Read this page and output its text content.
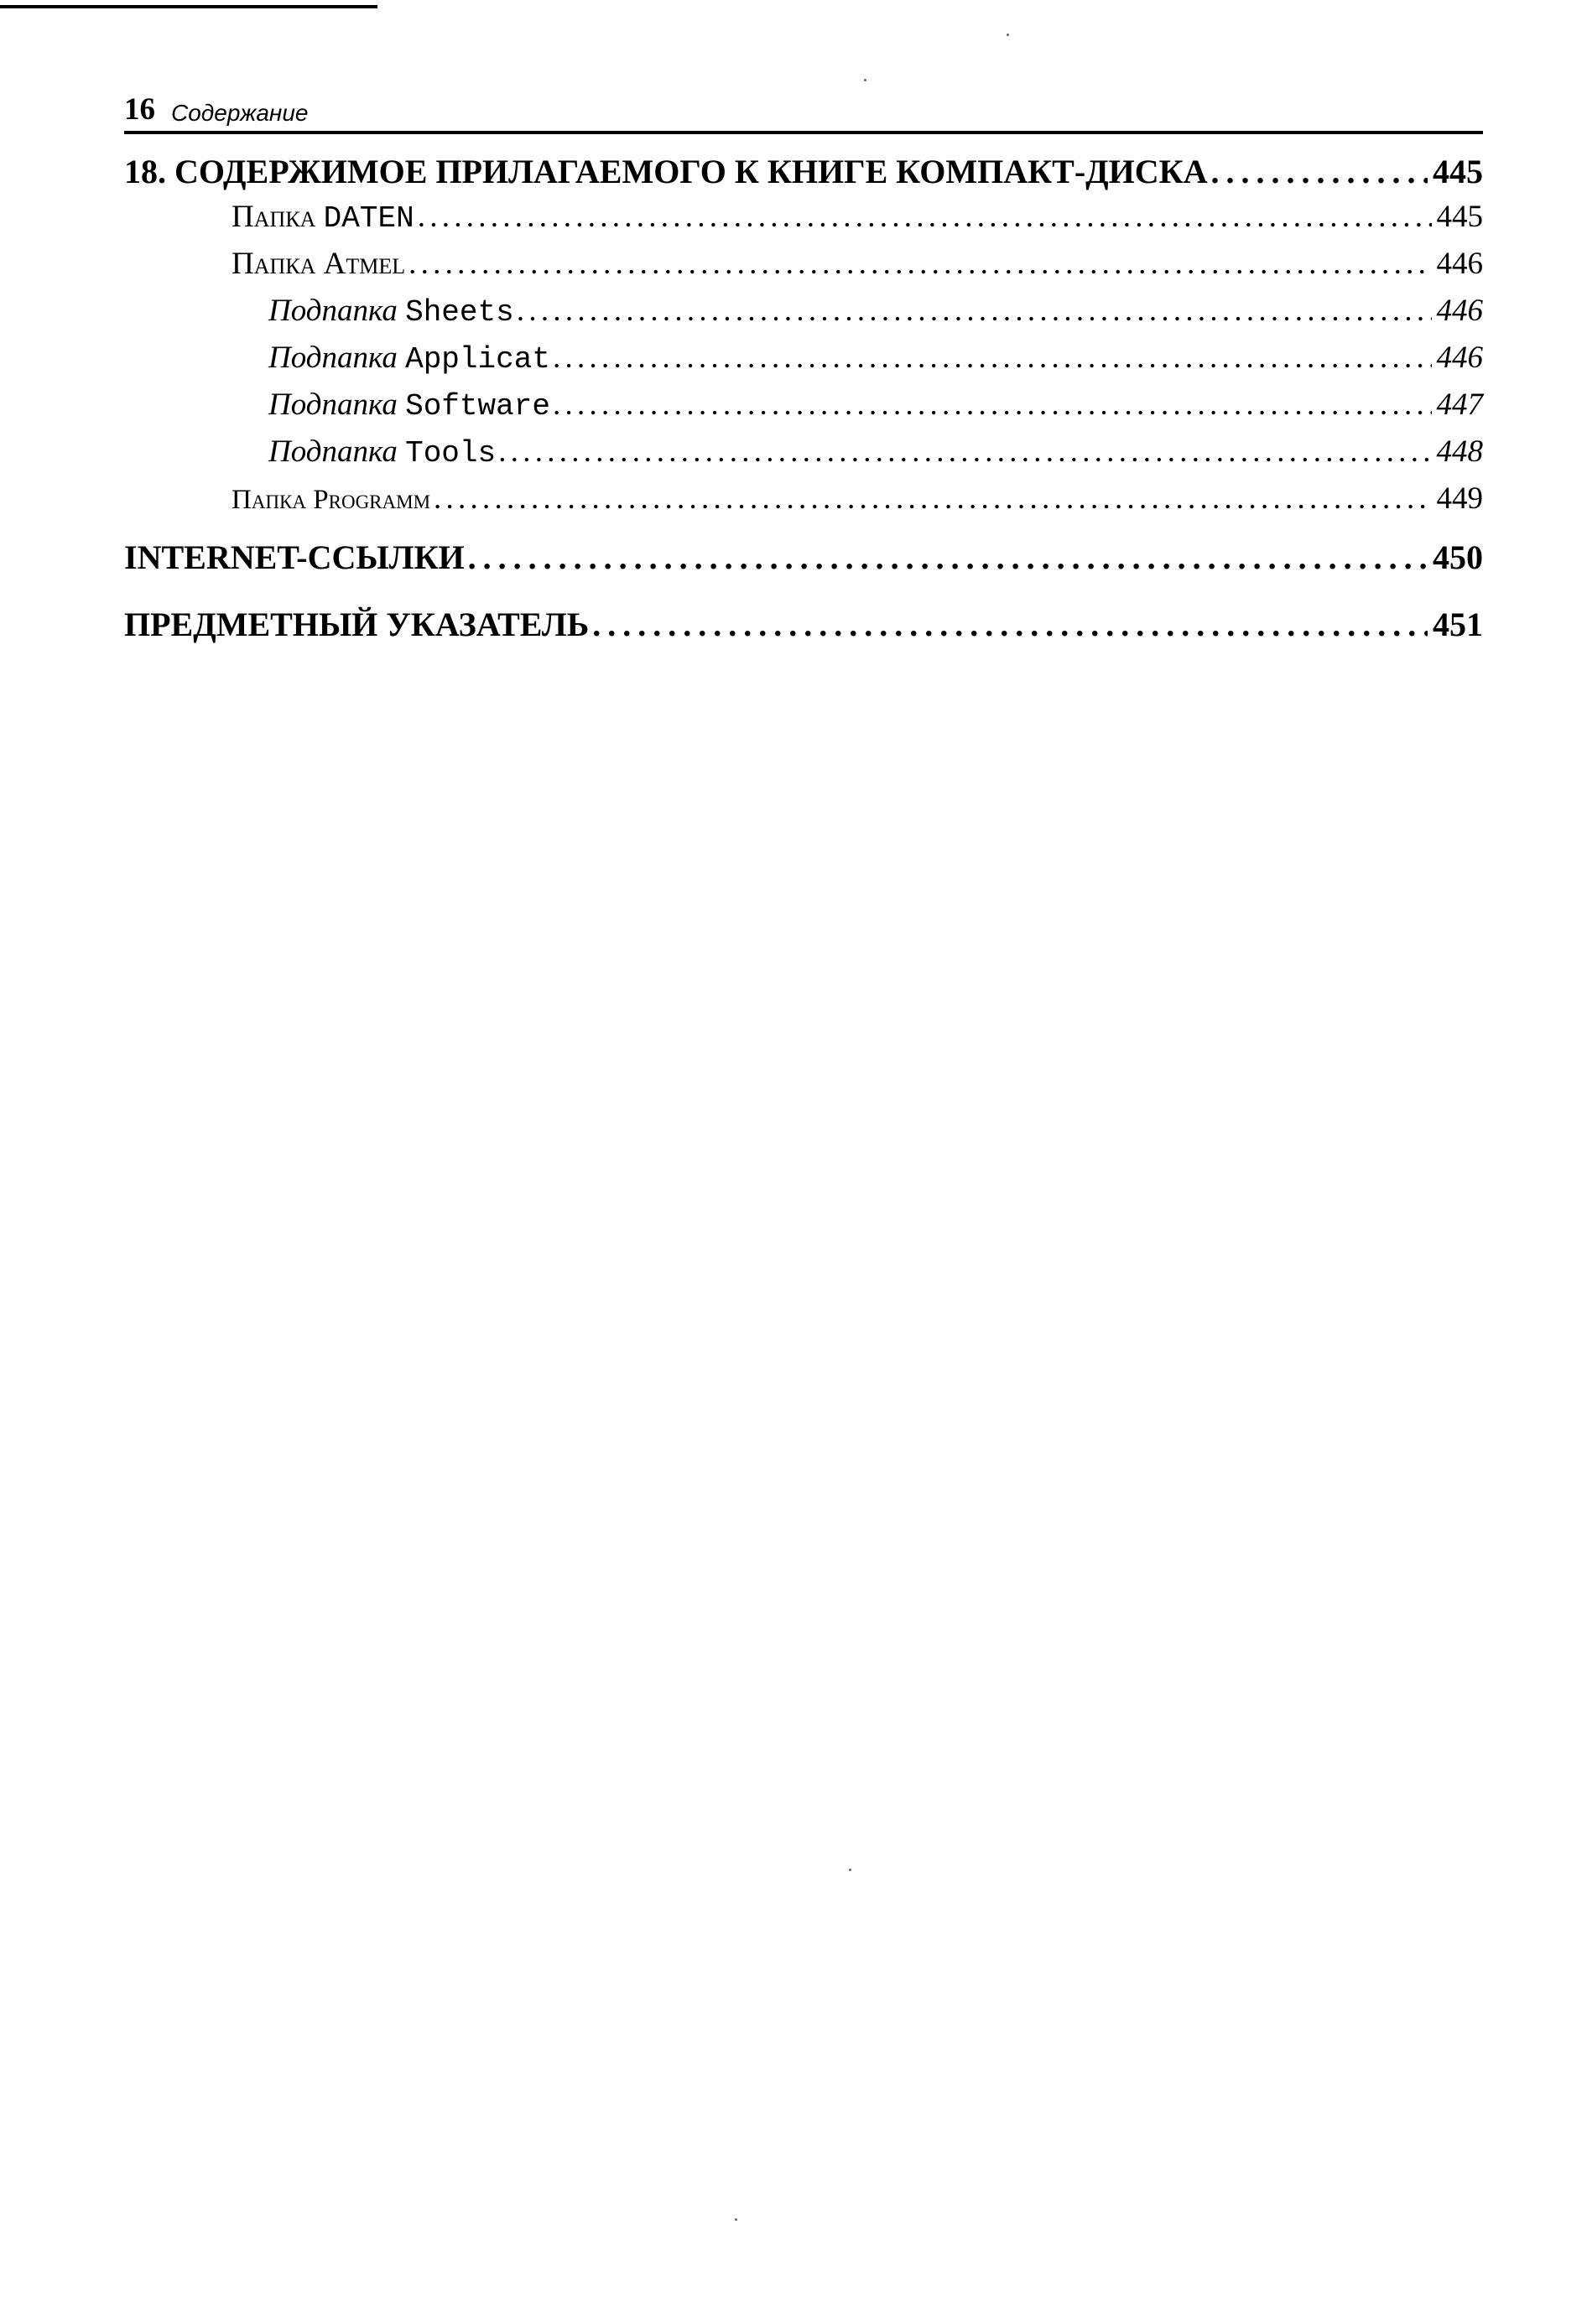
16 Содержание
18. СОДЕРЖИМОЕ ПРИЛАГАЕМОГО К КНИГЕ КОМПАКТ-ДИСКА . . .	445
Папка DATEN . . .	445
Папка Atmel . . .	446
Подпапка Sheets . . .	446
Подпапка Applicat . . .	446
Подпапка Software . . .	447
Подпапка Tools . . .	448
Папка Programm . . .	449
INTERNET-ССЫЛКИ . . .	450
ПРЕДМЕТНЫЙ УКАЗАТЕЛЬ . . .	451
